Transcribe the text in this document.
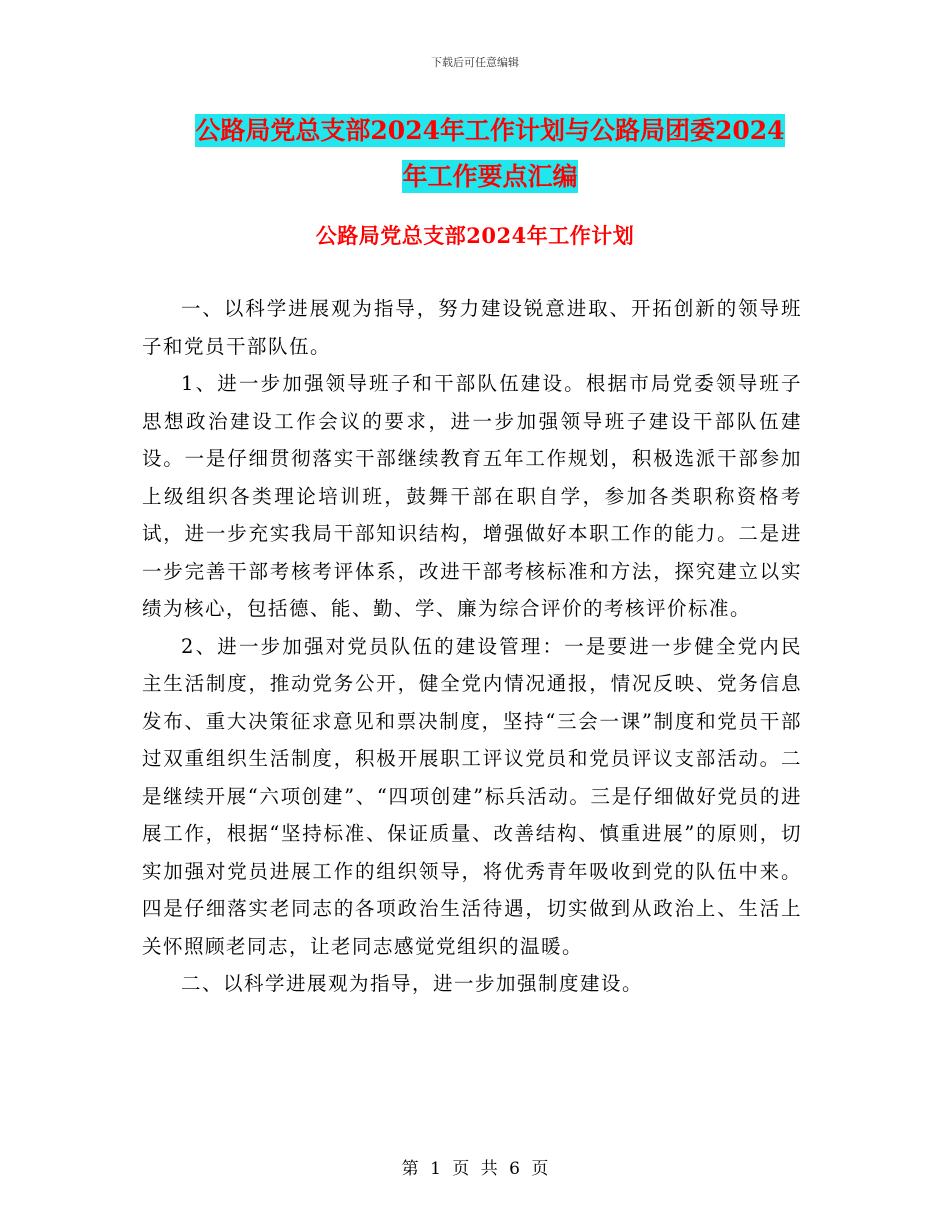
下载后可任意编辑
公路局党总支部2024年工作计划与公路局团委2024
年工作要点汇编
公路局党总支部2024年工作计划

一、以科学进展观为指导，努力建设锐意进取、开拓创新的领导班子和党员干部队伍。

1、进一步加强领导班子和干部队伍建设。根据市局党委领导班子思想政治建设工作会议的要求，进一步加强领导班子建设干部队伍建设。一是仔细贯彻落实干部继续教育五年工作规划，积极选派干部参加上级组织各类理论培训班，鼓舞干部在职自学，参加各类职称资格考试，进一步充实我局干部知识结构，增强做好本职工作的能力。二是进一步完善干部考核考评体系，改进干部考核标准和方法，探究建立以实绩为核心，包括德、能、勤、学、廉为综合评价的考核评价标准。

2、进一步加强对党员队伍的建设管理：一是要进一步健全党内民主生活制度，推动党务公开，健全党内情况通报，情况反映、党务信息发布、重大决策征求意见和票决制度，坚持“三会一课”制度和党员干部过双重组织生活制度，积极开展职工评议党员和党员评议支部活动。二是继续开展“六项创建”、“四项创建”标兵活动。三是仔细做好党员的进展工作，根据“坚持标准、保证质量、改善结构、慎重进展”的原则，切实加强对党员进展工作的组织领导，将优秀青年吸收到党的队伍中来。四是仔细落实老同志的各项政治生活待遇，切实做到从政治上、生活上关怀照顾老同志，让老同志感觉党组织的温暖。

二、以科学进展观为指导，进一步加强制度建设。

第 1 页 共 6 页
